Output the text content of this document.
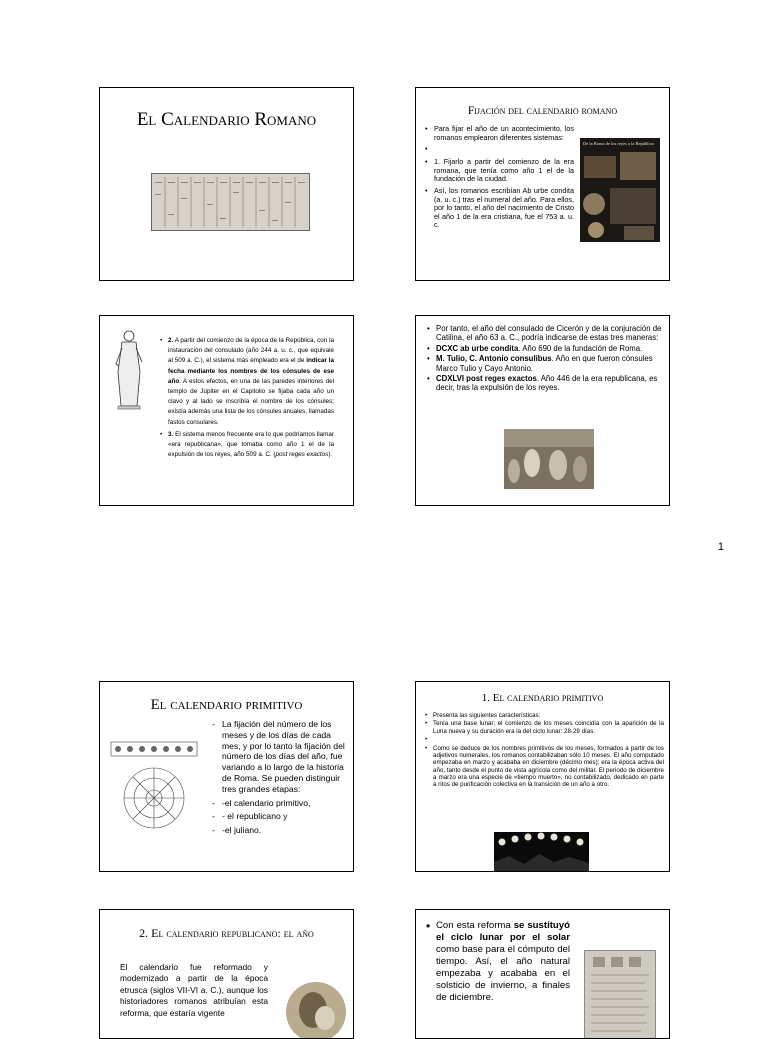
El Calendario Romano	Fijación del calendario romano
• Para fijar el año de un acontecimiento, los romanos emplearon diferentes sistemas:
•
• 1. Fijarlo a partir del comienzo de la era romana, que tenía como año 1 el de la fundación de la ciudad.
• Así, los romanos escribían Ab urbe condita (a. u. c.) tras el numeral del año. Para ellos, por lo tanto, el año del nacimiento de Cristo el año 1 de la era cristiana, fue el 753 a. u. c.
De la Roma de los reyes a la República
• 2. A partir del comienzo de la época de la República, con la instauración del consulado (año 244 a. u. c., que equivale al 509 a. C.), el sistema más empleado era el de indicar la fecha mediante los nombres de los cónsules de ese año. A estos efectos, en una de las paredes interiores del templo de Júpiter en el Capitolio se fijaba cada año un clavo y al lado se inscribía el nombre de los cónsules; existía además una lista de los cónsules anuales, llamadas fastos consulares.
• 3. El sistema menos frecuente era lo que podríamos llamar «era republicana», que tomaba como año 1 el de la expulsión de los reyes, año 509 a. C. (post reges exactos).
• Por tanto, el año del consulado de Cicerón y de la conjuración de Catilina, el año 63 a. C., podría indicarse de estas tres maneras:
• DCXC ab urbe condita. Año 690 de la fundación de Roma.
• M. Tulio, C. Antonio consulibus. Año en que fueron cónsules Marco Tulio y Cayo Antonio.
• CDXLVI post reges exactos. Año 446 de la era republicana, es decir, tras la expulsión de los reyes.
1
El calendario primitivo
- La fijación del número de los meses y de los días de cada mes, y por lo tanto la fijación del número de los días del año, fue variando a lo largo de la historia de Roma. Se pueden distinguir tres grandes etapas:
- -el calendario primitivo,
- - el republicano y
- -el juliano.
1. El calendario primitivo
• Presenta las siguientes características:
• Tenía una base lunar; el comienzo de los meses coincidía con la aparición de la Luna nueva y su duración era la del ciclo lunar: 28-29 días.
•
• Como se deduce de los nombres primitivos de los meses, formados a partir de los adjetivos numerales, los romanos contabilizaban sólo 10 meses. El año computado empezaba en marzo y acababa en diciembre (décimo mes); era la época activa del año, tanto desde el punto de vista agrícola como del militar. El periodo de diciembre a marzo era una especie de «tiempo muerto», no contabilizado, dedicado en parte a ritos de purificación colectiva en la transición de un año a otro.
2. El calendario republicano: el año
El calendario fue reformado y modernizado a partir de la época etrusca (siglos VII-VI a. C.), aunque los historiadores romanos atribuían esta reforma, que estaría vigente
• Con esta reforma se sustituyó el ciclo lunar por el solar como base para el cómputo del tiempo. Así, el año natural empezaba y acababa en el solsticio de invierno, a finales de diciembre.
